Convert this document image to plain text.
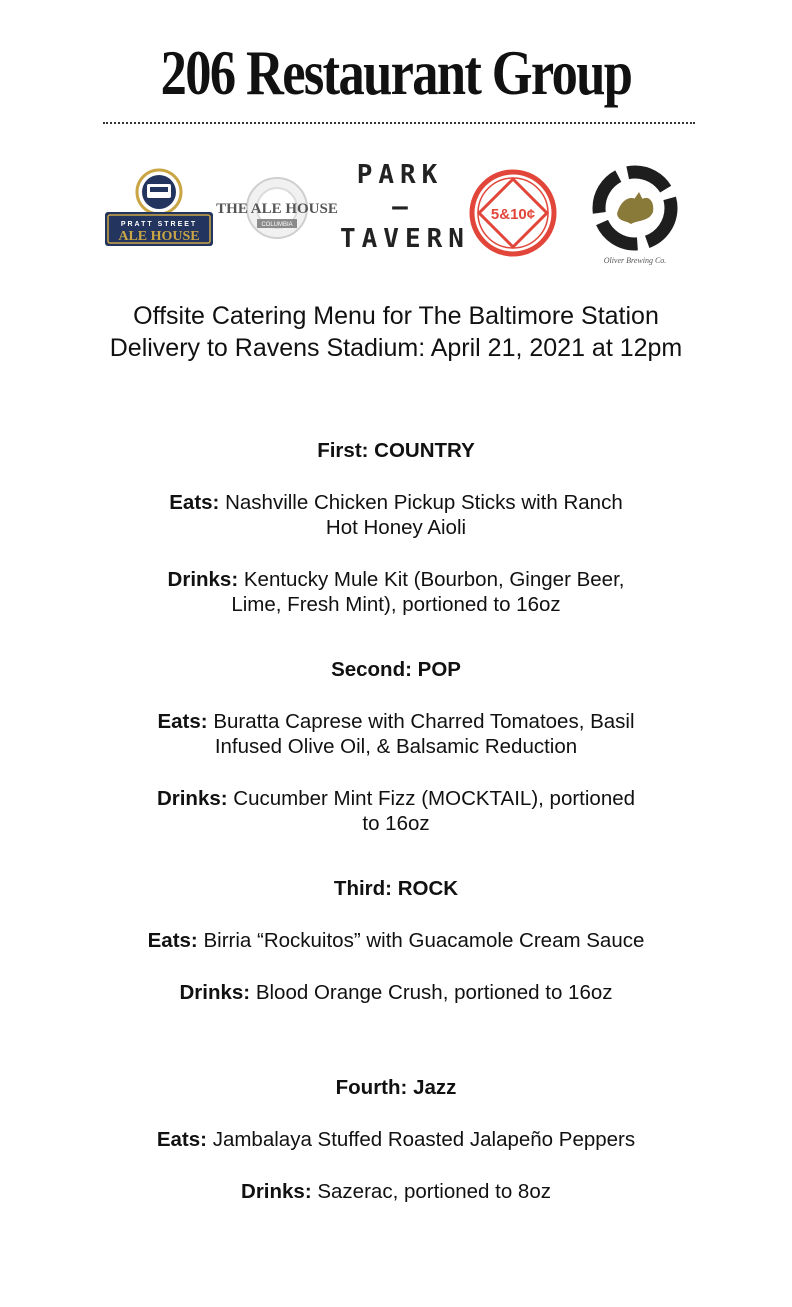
206 Restaurant Group
PRATT STREET
ALE HOUSE
THE ALE HOUSE
COLUMBIA
PARK
—
TAVERN
5&10¢
Oliver Brewing Co.
Offsite Catering Menu for The Baltimore Station
Delivery to Ravens Stadium: April 21, 2021 at 12pm

First: COUNTRY

Eats: Nashville Chicken Pickup Sticks with Ranch
Hot Honey Aioli

Drinks: Kentucky Mule Kit (Bourbon, Ginger Beer,
Lime, Fresh Mint), portioned to 16oz

Second: POP

Eats: Buratta Caprese with Charred Tomatoes, Basil
Infused Olive Oil, & Balsamic Reduction

Drinks: Cucumber Mint Fizz (MOCKTAIL), portioned
to 16oz

Third: ROCK

Eats: Birria “Rockuitos” with Guacamole Cream Sauce

Drinks: Blood Orange Crush, portioned to 16oz

Fourth: Jazz

Eats: Jambalaya Stuffed Roasted Jalapeño Peppers

Drinks: Sazerac, portioned to 8oz
